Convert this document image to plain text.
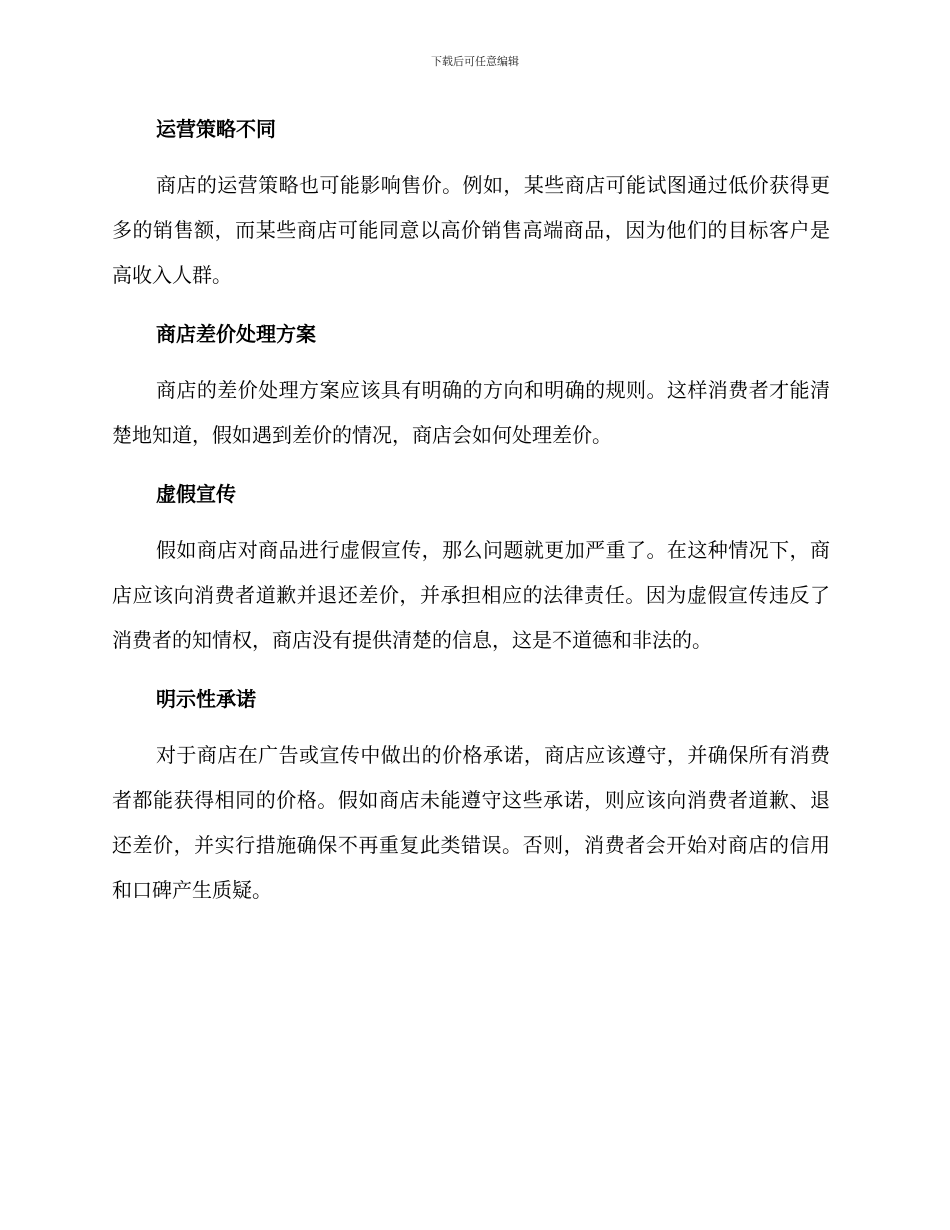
下载后可任意编辑
运营策略不同

商店的运营策略也可能影响售价。例如，某些商店可能试图通过低价获得更多的销售额，而某些商店可能同意以高价销售高端商品，因为他们的目标客户是高收入人群。

商店差价处理方案

商店的差价处理方案应该具有明确的方向和明确的规则。这样消费者才能清楚地知道，假如遇到差价的情况，商店会如何处理差价。

虚假宣传

假如商店对商品进行虚假宣传，那么问题就更加严重了。在这种情况下，商店应该向消费者道歉并退还差价，并承担相应的法律责任。因为虚假宣传违反了消费者的知情权，商店没有提供清楚的信息，这是不道德和非法的。

明示性承诺

对于商店在广告或宣传中做出的价格承诺，商店应该遵守，并确保所有消费者都能获得相同的价格。假如商店未能遵守这些承诺，则应该向消费者道歉、退还差价，并实行措施确保不再重复此类错误。否则，消费者会开始对商店的信用和口碑产生质疑。
